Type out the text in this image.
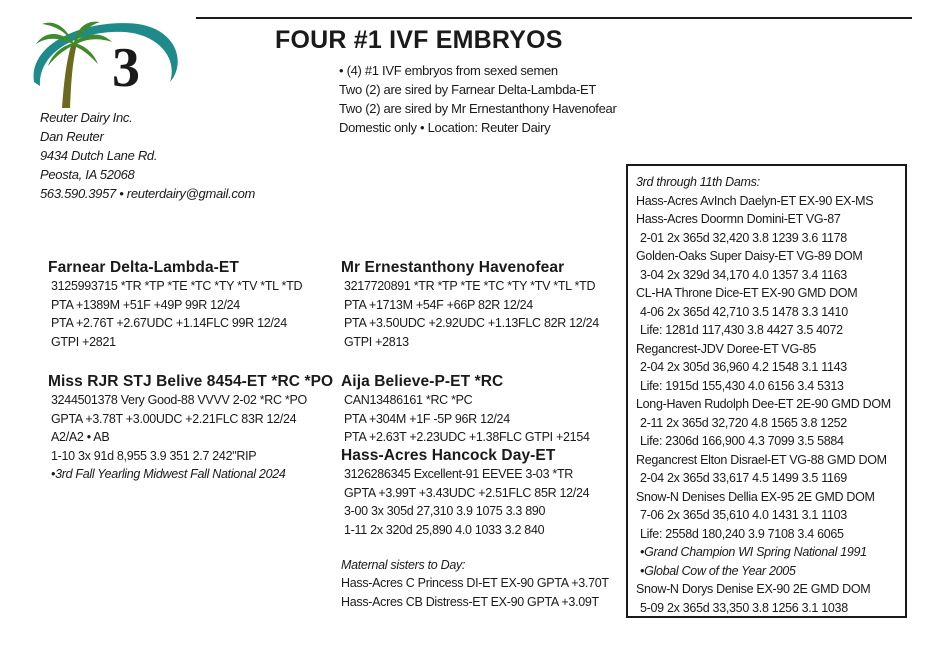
3	FOUR #1 IVF EMBRYOS
• (4) #1 IVF embryos from sexed semen
Two (2) are sired by Farnear Delta-Lambda-ET
Two (2) are sired by Mr Ernestanthony Havenofear
Domestic only • Location: Reuter Dairy
Reuter Dairy Inc.
Dan Reuter
9434 Dutch Lane Rd.
Peosta, IA 52068
563.590.3957 • reuterdairy@gmail.com
Farnear Delta-Lambda-ET
3125993715 *TR *TP *TE *TC *TY *TV *TL *TD
PTA +1389M +51F +49P 99R 12/24
PTA +2.76T +2.67UDC +1.14FLC 99R 12/24
GTPI +2821
Mr Ernestanthony Havenofear
3217720891 *TR *TP *TE *TC *TY *TV *TL *TD
PTA +1713M +54F +66P 82R 12/24
PTA +3.50UDC +2.92UDC +1.13FLC 82R 12/24
GTPI +2813
Miss RJR STJ Belive 8454-ET *RC *PO
3244501378 Very Good-88 VVVV 2-02 *RC *PO
GPTA +3.78T +3.00UDC +2.21FLC 83R 12/24
A2/A2 • AB
1-10 3x 91d 8,955 3.9 351 2.7 242"RIP
•3rd Fall Yearling Midwest Fall National 2024
Aija Believe-P-ET *RC
CAN13486161 *RC *PC
PTA +304M +1F -5P 96R 12/24
PTA +2.63T +2.23UDC +1.38FLC GTPI +2154
Hass-Acres Hancock Day-ET
3126286345 Excellent-91 EEVEE 3-03 *TR
GPTA +3.99T +3.43UDC +2.51FLC 85R 12/24
3-00 3x 305d 27,310 3.9 1075 3.3 890
1-11 2x 320d 25,890 4.0 1033 3.2 840
Maternal sisters to Day:
Hass-Acres C Princess DI-ET EX-90 GPTA +3.70T
Hass-Acres CB Distress-ET EX-90 GPTA +3.09T
3rd through 11th Dams:
Hass-Acres AvInch Daelyn-ET EX-90 EX-MS
Hass-Acres Doormn Domini-ET VG-87
2-01 2x 365d 32,420 3.8 1239 3.6 1178
Golden-Oaks Super Daisy-ET VG-89 DOM
3-04 2x 329d 34,170 4.0 1357 3.4 1163
CL-HA Throne Dice-ET EX-90 GMD DOM
4-06 2x 365d 42,710 3.5 1478 3.3 1410
Life: 1281d 117,430 3.8 4427 3.5 4072
Regancrest-JDV Doree-ET VG-85
2-04 2x 305d 36,960 4.2 1548 3.1 1143
Life: 1915d 155,430 4.0 6156 3.4 5313
Long-Haven Rudolph Dee-ET 2E-90 GMD DOM
2-11 2x 365d 32,720 4.8 1565 3.8 1252
Life: 2306d 166,900 4.3 7099 3.5 5884
Regancrest Elton Disrael-ET VG-88 GMD DOM
2-04 2x 365d 33,617 4.5 1499 3.5 1169
Snow-N Denises Dellia EX-95 2E GMD DOM
7-06 2x 365d 35,610 4.0 1431 3.1 1103
Life: 2558d 180,240 3.9 7108 3.4 6065
•Grand Champion WI Spring National 1991
•Global Cow of the Year 2005
Snow-N Dorys Denise EX-90 2E GMD DOM
5-09 2x 365d 33,350 3.8 1256 3.1 1038
